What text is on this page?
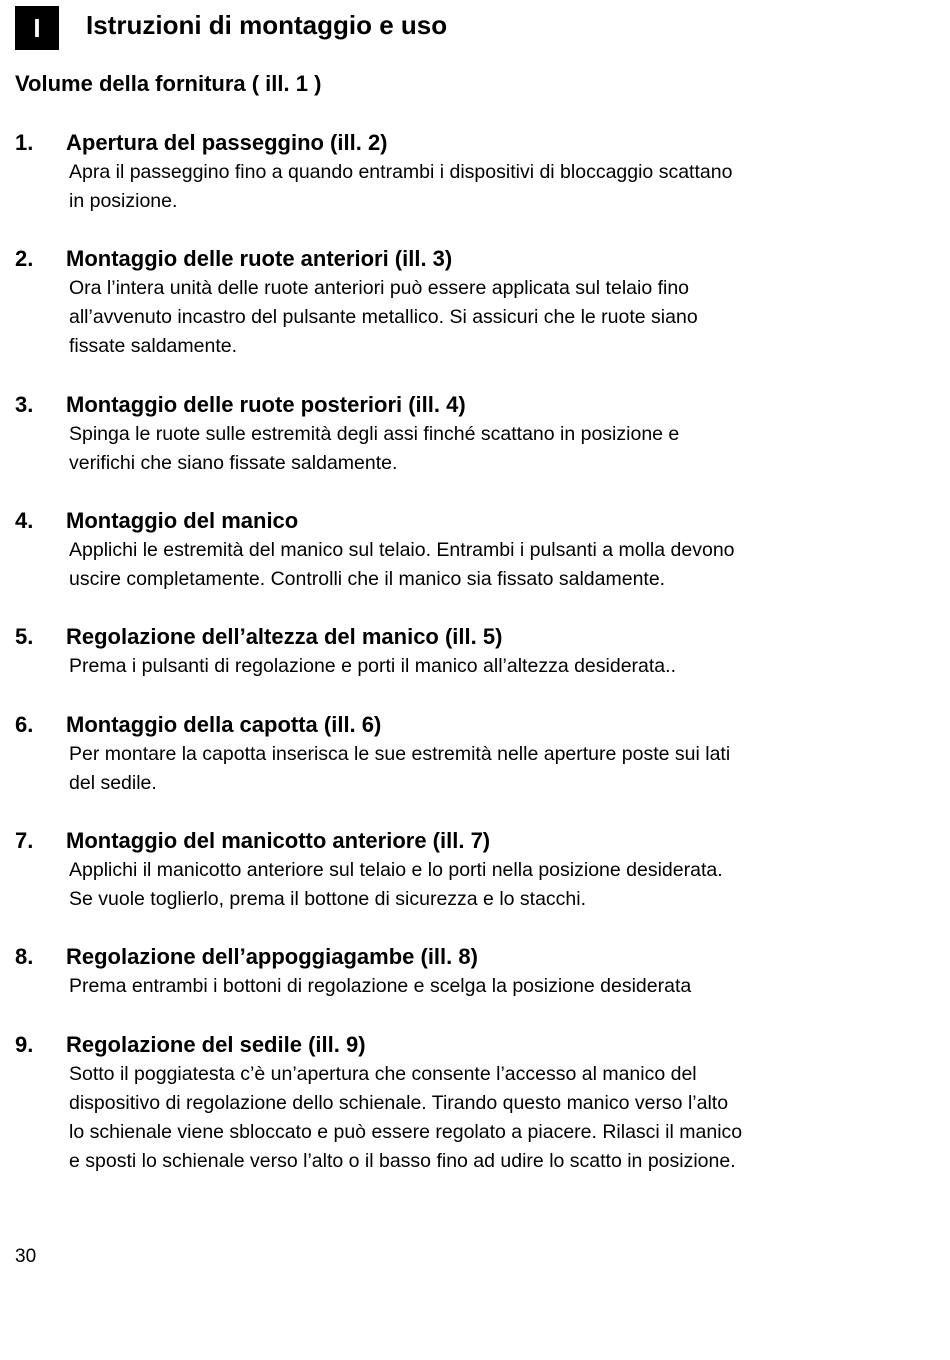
I	Istruzioni di montaggio e uso
Volume della fornitura ( ill. 1 )
1. Apertura del passeggino (ill. 2)
Apra il passeggino fino a quando entrambi i dispositivi di bloccaggio scattano
in posizione.
2. Montaggio delle ruote anteriori (ill. 3)
Ora l’intera unità delle ruote anteriori può essere applicata sul telaio fino
all’avvenuto incastro del pulsante metallico. Si assicuri che le ruote siano
fissate saldamente.
3. Montaggio delle ruote posteriori (ill. 4)
Spinga le ruote sulle estremità degli assi finché scattano in posizione e
verifichi che siano fissate saldamente.
4. Montaggio del manico
Applichi le estremità del manico sul telaio. Entrambi i pulsanti a molla devono
uscire completamente. Controlli che il manico sia fissato saldamente.
5. Regolazione dell’altezza del manico (ill. 5)
Prema i pulsanti di regolazione e porti il manico all’altezza desiderata..
6. Montaggio della capotta (ill. 6)
Per montare la capotta inserisca le sue estremità nelle aperture poste sui lati
del sedile.
7. Montaggio del manicotto anteriore (ill. 7)
Applichi il manicotto anteriore sul telaio e lo porti nella posizione desiderata.
Se vuole toglierlo, prema il bottone di sicurezza e lo stacchi.
8. Regolazione dell’appoggiagambe (ill. 8)
Prema entrambi i bottoni di regolazione e scelga la posizione desiderata
9. Regolazione del sedile (ill. 9)
Sotto il poggiatesta c’è un’apertura che consente l’accesso al manico del
dispositivo di regolazione dello schienale. Tirando questo manico verso l’alto
lo schienale viene sbloccato e può essere regolato a piacere. Rilasci il manico
e sposti lo schienale verso l’alto o il basso fino ad udire lo scatto in posizione.
30
